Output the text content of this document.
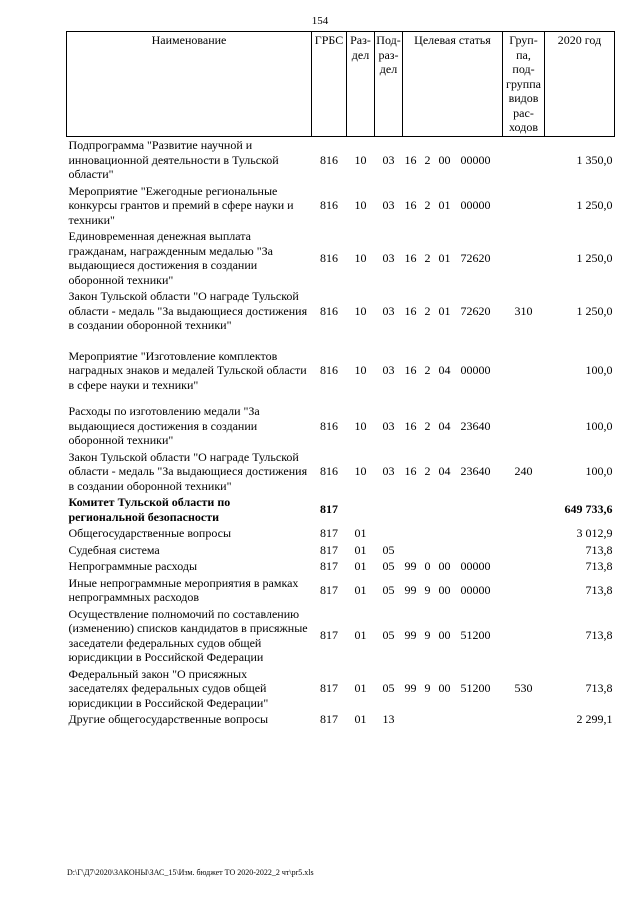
154
Наименование	ГРБС	Раз-дел	Под-раз-дел	Целевая статья	Груп-па, под-группа видов рас-ходов	2020 год
Подпрограмма "Развитие научной и инновационной деятельности в Тульской области"	816	10	03	16 2 00 00000		1 350,0
Мероприятие "Ежегодные региональные конкурсы грантов и премий в сфере науки и техники"	816	10	03	16 2 01 00000		1 250,0
Единовременная денежная выплата гражданам, награжденным медалью "За выдающиеся достижения в создании оборонной техники"	816	10	03	16 2 01 72620		1 250,0
Закон Тульской области "О награде Тульской области - медаль "За выдающиеся достижения в создании оборонной техники"	816	10	03	16 2 01 72620	310	1 250,0

Мероприятие "Изготовление комплектов наградных знаков и медалей Тульской области в сфере науки и техники"	816	10	03	16 2 04 00000		100,0

Расходы по изготовлению медали "За выдающиеся достижения в создании оборонной техники"	816	10	03	16 2 04 23640		100,0
Закон Тульской области "О награде Тульской области - медаль "За выдающиеся достижения в создании оборонной техники"	816	10	03	16 2 04 23640	240	100,0
Комитет Тульской области по региональной безопасности	817					649 733,6
Общегосударственные вопросы	817	01				3 012,9
Судебная система	817	01	05			713,8
Непрограммные расходы	817	01	05	99 0 00 00000		713,8
Иные непрограммные мероприятия в рамках непрограммных расходов	817	01	05	99 9 00 00000		713,8
Осуществление полномочий по составлению (изменению) списков кандидатов в присяжные заседатели федеральных судов общей юрисдикции в Российской Федерации	817	01	05	99 9 00 51200		713,8
Федеральный закон "О присяжных заседателях федеральных судов общей юрисдикции в Российской Федерации"	817	01	05	99 9 00 51200	530	713,8
Другие общегосударственные вопросы	817	01	13			2 299,1
D:\Г\Д7\2020\ЗАКОНЫ\ЗАС_15\Изм. бюджет ТО 2020-2022_2 чт\pr5.xls
